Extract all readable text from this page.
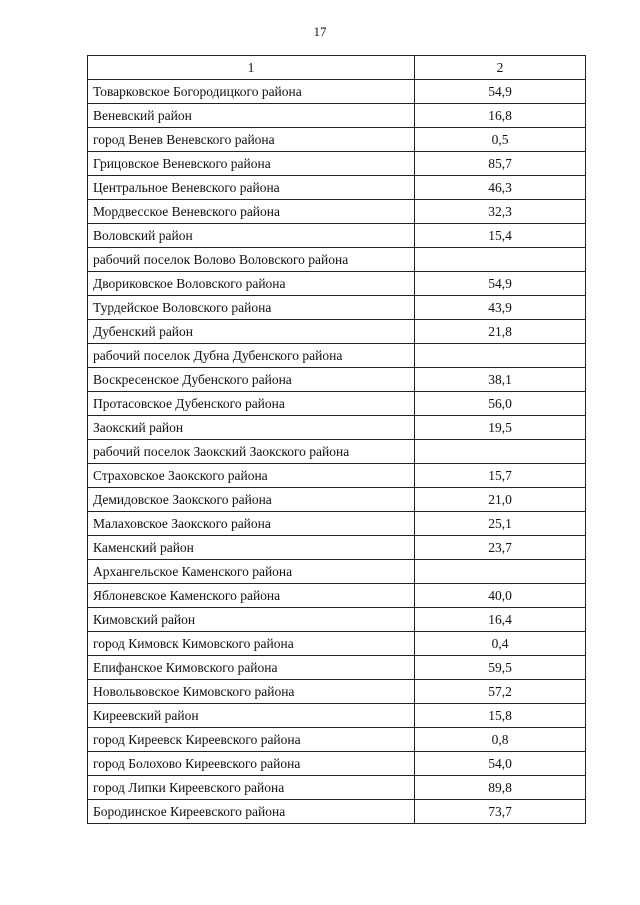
17
1	2
Товарковское Богородицкого района	54,9
Веневский район	16,8
город Венев Веневского района	0,5
Грицовское Веневского района	85,7
Центральное Веневского района	46,3
Мордвесское Веневского района	32,3
Воловский район	15,4
рабочий поселок Волово Воловского района	
Двориковское Воловского района	54,9
Турдейское Воловского района	43,9
Дубенский район	21,8
рабочий поселок Дубна Дубенского района	
Воскресенское Дубенского района	38,1
Протасовское Дубенского района	56,0
Заокский район	19,5
рабочий поселок Заокский Заокского района	
Страховское Заокского района	15,7
Демидовское Заокского района	21,0
Малаховское Заокского района	25,1
Каменский район	23,7
Архангельское Каменского района	
Яблоневское Каменского района	40,0
Кимовский район	16,4
город Кимовск Кимовского района	0,4
Епифанское Кимовского района	59,5
Новольвовское Кимовского района	57,2
Киреевский район	15,8
город Киреевск Киреевского района	0,8
город Болохово Киреевского района	54,0
город Липки Киреевского района	89,8
Бородинское Киреевского района	73,7
